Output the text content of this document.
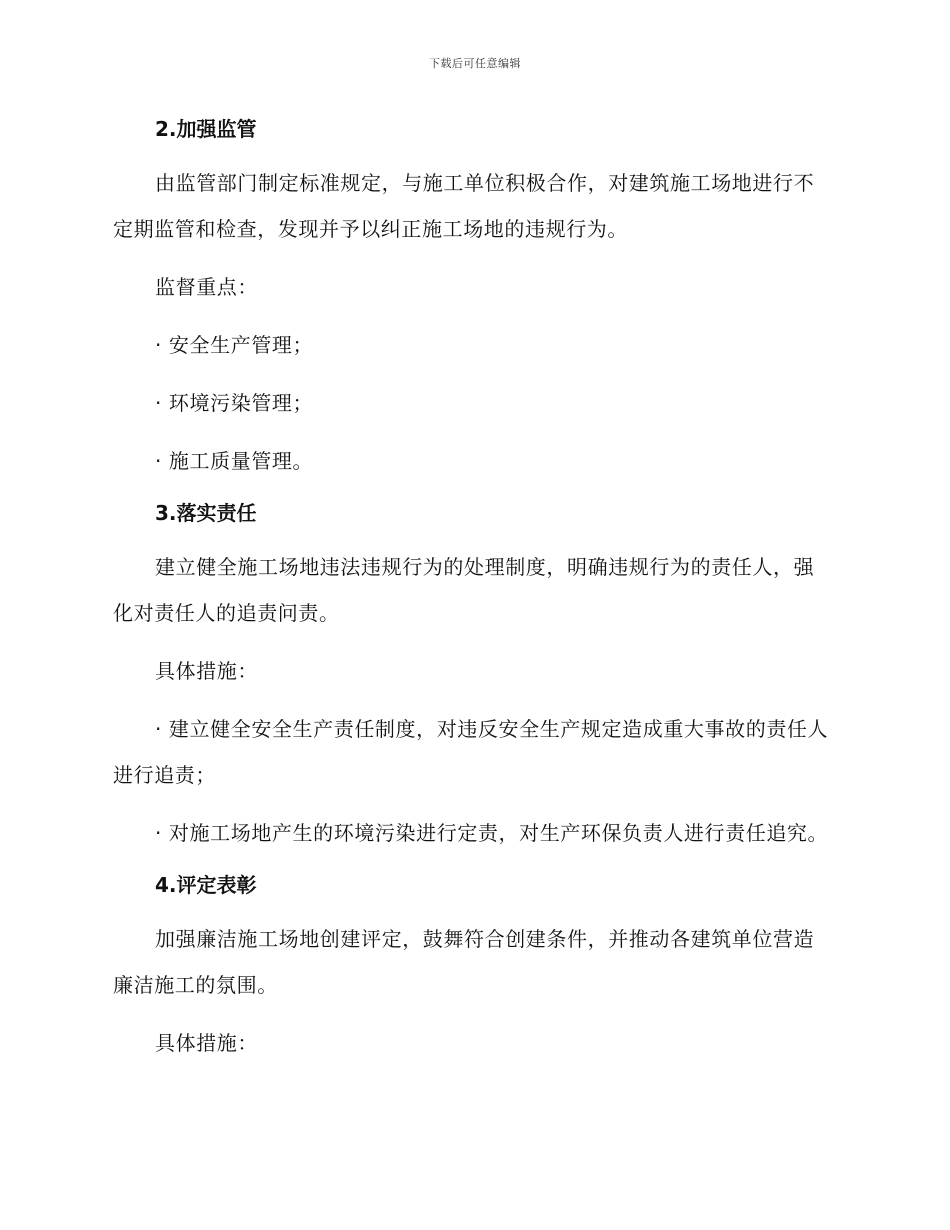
下载后可任意编辑

2.加强监管

由监管部门制定标准规定，与施工单位积极合作，对建筑施工场地进行不定期监管和检查，发现并予以纠正施工场地的违规行为。

监督重点：

· 安全生产管理；

· 环境污染管理；

· 施工质量管理。

3.落实责任

建立健全施工场地违法违规行为的处理制度，明确违规行为的责任人，强化对责任人的追责问责。

具体措施：

· 建立健全安全生产责任制度，对违反安全生产规定造成重大事故的责任人进行追责；

· 对施工场地产生的环境污染进行定责，对生产环保负责人进行责任追究。

4.评定表彰

加强廉洁施工场地创建评定，鼓舞符合创建条件，并推动各建筑单位营造廉洁施工的氛围。

具体措施：
